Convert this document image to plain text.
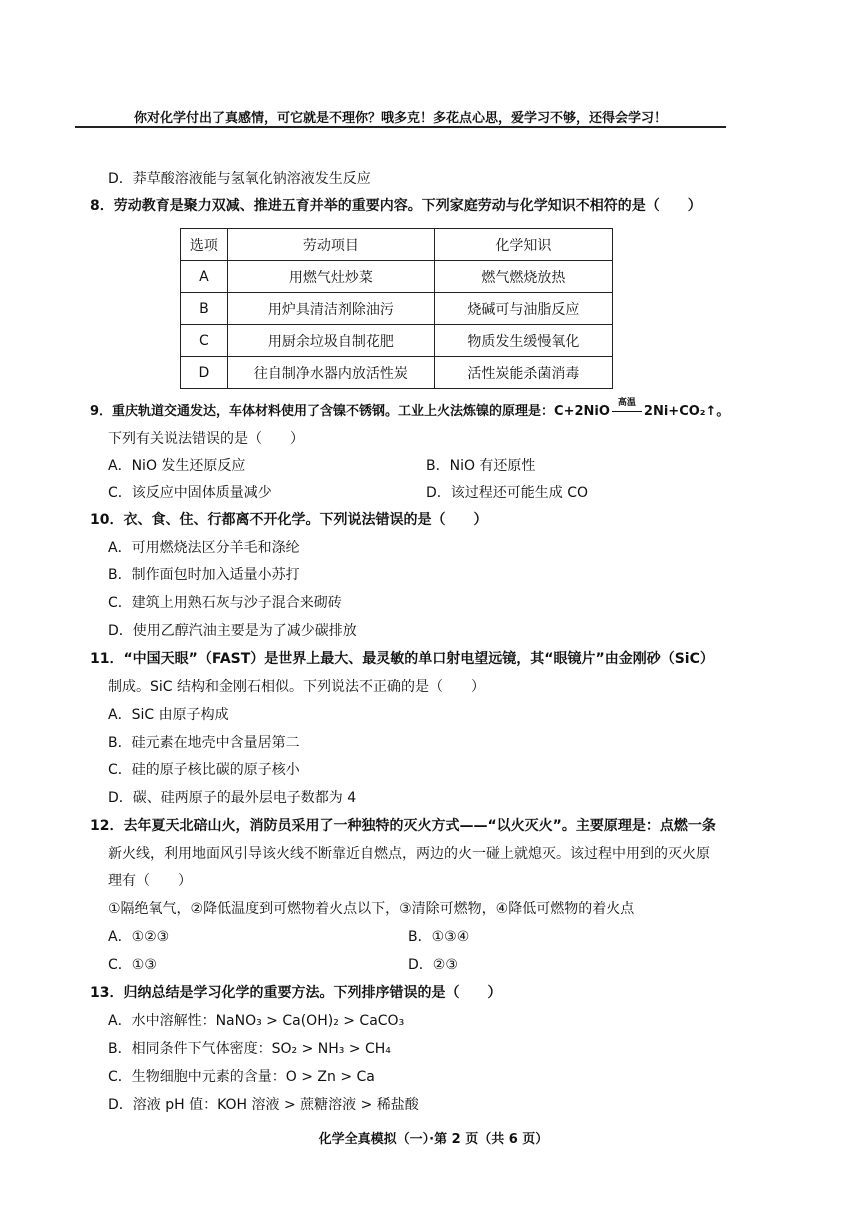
你对化学付出了真感情，可它就是不理你？哦多克！多花点心思，爱学习不够，还得会学习！
D．莽草酸溶液能与氢氧化钠溶液发生反应
8．劳动教育是聚力双减、推进五育并举的重要内容。下列家庭劳动与化学知识不相符的是（　　）
选项	劳动项目	化学知识
A	用燃气灶炒菜	燃气燃烧放热
B	用炉具清洁剂除油污	烧碱可与油脂反应
C	用厨余垃圾自制花肥	物质发生缓慢氧化
D	往自制净水器内放活性炭	活性炭能杀菌消毒
9．重庆轨道交通发达，车体材料使用了含镍不锈钢。工业上火法炼镍的原理是：C+2NiO
高温
2Ni+CO₂↑。
下列有关说法错误的是（　　）
A．NiO 发生还原反应	B．NiO 有还原性
C．该反应中固体质量减少	D．该过程还可能生成 CO
10．衣、食、住、行都离不开化学。下列说法错误的是（　　）
A．可用燃烧法区分羊毛和涤纶
B．制作面包时加入适量小苏打
C．建筑上用熟石灰与沙子混合来砌砖
D．使用乙醇汽油主要是为了减少碳排放
11．“中国天眼”（FAST）是世界上最大、最灵敏的单口射电望远镜，其“眼镜片”由金刚砂（SiC）
制成。SiC 结构和金刚石相似。下列说法不正确的是（　　）
A．SiC 由原子构成
B．硅元素在地壳中含量居第二
C．硅的原子核比碳的原子核小
D．碳、硅两原子的最外层电子数都为 4
12．去年夏天北碚山火，消防员采用了一种独特的灭火方式——“以火灭火”。主要原理是：点燃一条
新火线，利用地面风引导该火线不断靠近自燃点，两边的火一碰上就熄灭。该过程中用到的灭火原
理有（　　）
①隔绝氧气，②降低温度到可燃物着火点以下，③清除可燃物，④降低可燃物的着火点
A．①②③	B．①③④
C．①③	D．②③
13．归纳总结是学习化学的重要方法。下列排序错误的是（　　）
A．水中溶解性：NaNO₃ > Ca(OH)₂ > CaCO₃
B．相同条件下气体密度：SO₂ > NH₃ > CH₄
C．生物细胞中元素的含量：O > Zn > Ca
D．溶液 pH 值：KOH 溶液 > 蔗糖溶液 > 稀盐酸
化学全真模拟（一）·第 2 页（共 6 页）
